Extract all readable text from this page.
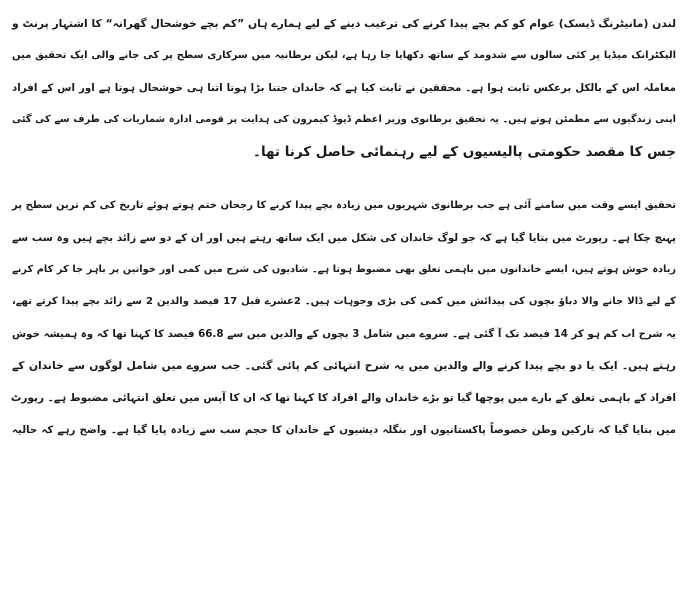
لندن (مانیٹرنگ ڈیسک) عوام کو کم بچے پیدا کرنے کی ترغیب دینے کے لیے ہمارے ہاں ”کم بچے خوشحال گھرانہ“ کا اشتہار پرنٹ و
الیکٹرانک میڈیا پر کئی سالوں سے شدومد کے ساتھ دکھایا جا رہا ہے، لیکن برطانیہ میں سرکاری سطح پر کی جانے والی ایک تحقیق میں
معاملہ اس کے بالکل برعکس ثابت ہوا ہے۔ محققین نے ثابت کیا ہے کہ خاندان جتنا بڑا ہوتا اتنا ہی خوشحال ہوتا ہے اور اس کے افراد
اپنی زندگیوں سے مطمئن ہوتے ہیں۔ یہ تحقیق برطانوی وزیر اعظم ڈیوڈ کیمرون کی ہدایت پر قومی ادارہ شماریات کی طرف سے کی گئی
جس کا مقصد حکومتی پالیسیوں کے لیے رہنمائی حاصل کرنا تھا۔
تحقیق ایسے وقت میں سامنے آئی ہے جب برطانوی شہریوں میں زیادہ بچے پیدا کرنے کا رجحان ختم ہوتے ہوئے تاریخ کی کم ترین سطح پر
پہنچ چکا ہے۔ رپورٹ میں بتایا گیا ہے کہ جو لوگ خاندان کی شکل میں ایک ساتھ رہتے ہیں اور ان کے دو سے زائد بچے ہیں وہ سب سے
زیادہ خوش ہوتے ہیں، ایسے خاندانوں میں باہمی تعلق بھی مضبوط ہوتا ہے۔ شادیوں کی شرح میں کمی اور خواتین پر باہر جا کر کام کرنے
کے لیے ڈالا جانے والا دباؤ بچوں کی پیدائش میں کمی کی بڑی وجوہات ہیں۔ 2عشرے قبل 17 فیصد والدین 2 سے زائد بچے پیدا کرتے تھے،
یہ شرح اب کم ہو کر 14 فیصد تک آ گئی ہے۔ سروے میں شامل 3 بچوں کے والدین میں سے 66.8 فیصد کا کہنا تھا کہ وہ ہمیشہ خوش
رہتے ہیں۔ ایک یا دو بچے پیدا کرنے والے والدین میں یہ شرح انتہائی کم پائی گئی۔ جب سروے میں شامل لوگوں سے خاندان کے
افراد کے باہمی تعلق کے بارے میں پوچھا گیا تو بڑے خاندان والے افراد کا کہنا تھا کہ ان کا آپس میں تعلق انتہائی مضبوط ہے۔ رپورٹ
میں بتایا گیا کہ تارکین وطن خصوصاً پاکستانیوں اور بنگلہ دیشیوں کے خاندان کا حجم سب سے زیادہ پایا گیا ہے۔ واضح رہے کہ حالیہ
